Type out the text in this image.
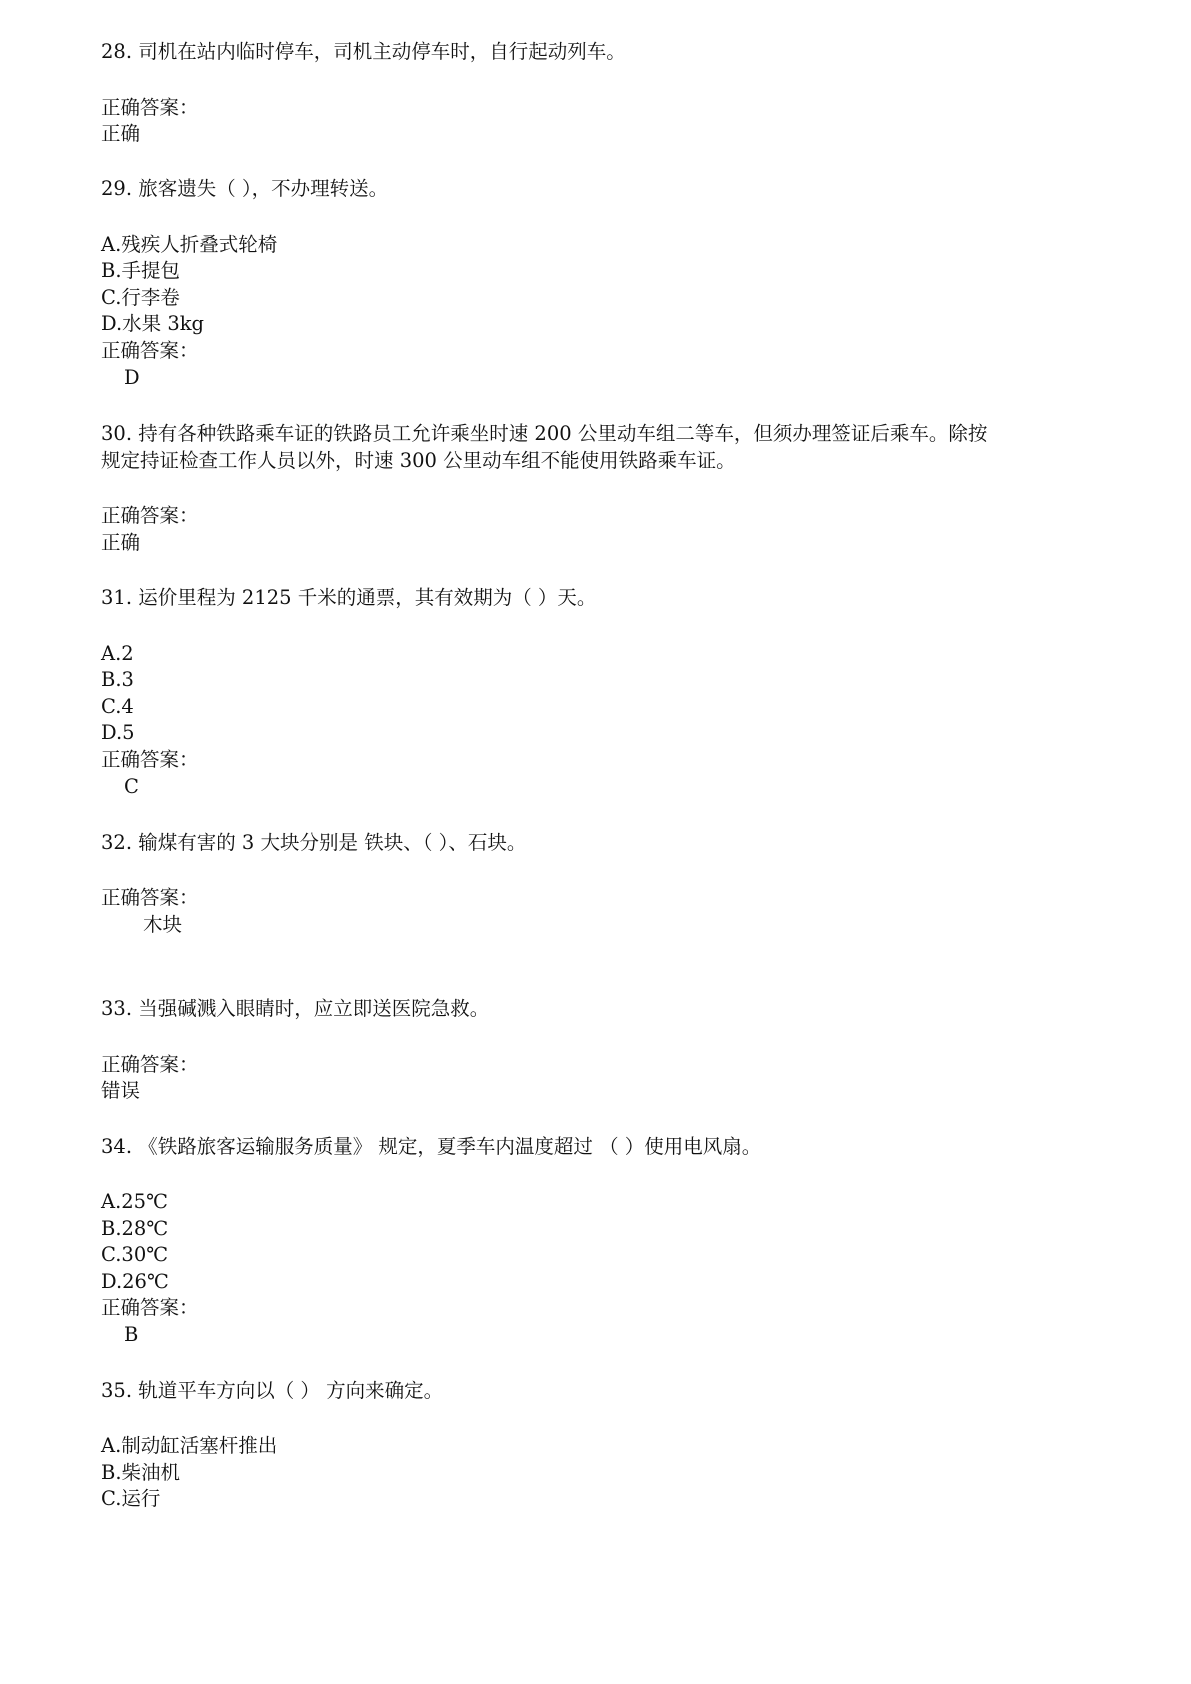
28. 司机在站内临时停车，司机主动停车时，自行起动列车。
正确答案：
正确
29. 旅客遗失（ ），不办理转送。
A.残疾人折叠式轮椅
B.手提包
C.行李卷
D.水果 3kg
正确答案：
D
30. 持有各种铁路乘车证的铁路员工允许乘坐时速 200 公里动车组二等车，但须办理签证后乘车。除按
规定持证检查工作人员以外，时速 300 公里动车组不能使用铁路乘车证。
正确答案：
正确
31. 运价里程为 2125 千米的通票，其有效期为（ ）天。
A.2
B.3
C.4
D.5
正确答案：
C
32. 输煤有害的 3 大块分别是 铁块、（ ）、石块。
正确答案：
木块
33. 当强碱溅入眼睛时，应立即送医院急救。
正确答案：
错误
34. 《铁路旅客运输服务质量》 规定，夏季车内温度超过 （ ）使用电风扇。
A.25℃
B.28℃
C.30℃
D.26℃
正确答案：
B
35. 轨道平车方向以（ ） 方向来确定。
A.制动缸活塞杆推出
B.柴油机
C.运行
